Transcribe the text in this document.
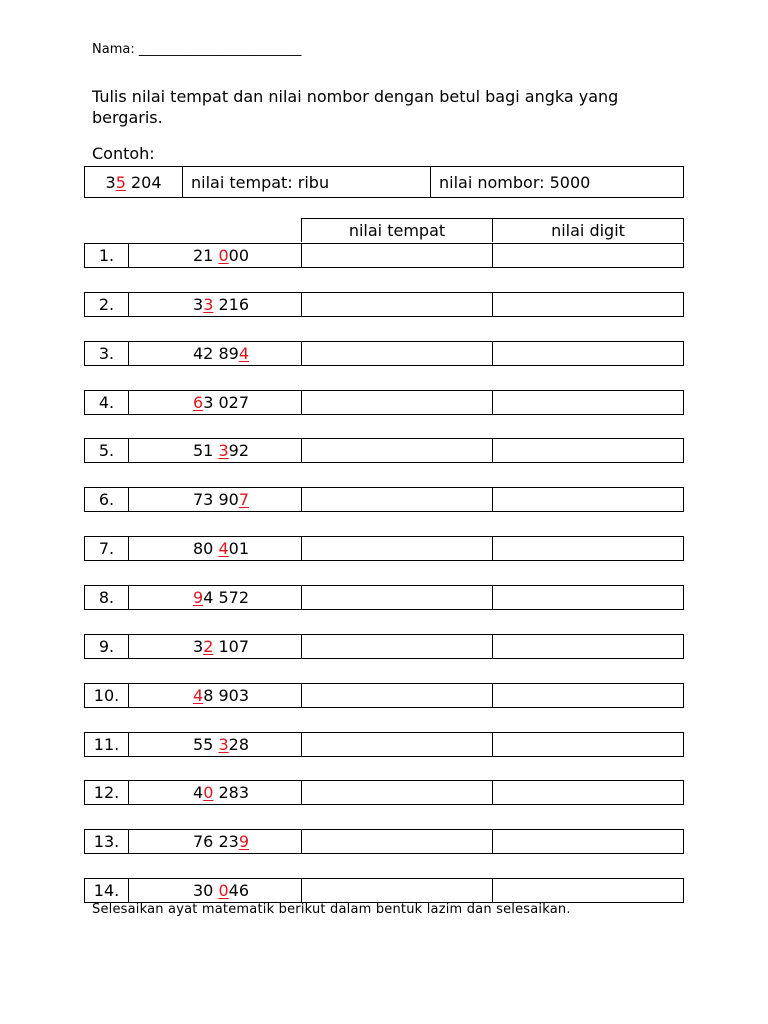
Nama: _________________________
Tulis nilai tempat dan nilai nombor dengan betul bagi angka yang bergaris.
Contoh:
3 5 204 nilai tempat: ribu	nilai nombor: 5000
nilai tempat	nilai digit
1.	21 000
2.	33 216
3.	42 894
4.	63 027
5.	51 392
6.	73 907
7.	80 401
8.	94 572
9.	32 107
10.	48 903
11.	55 328
12.	40 283
13.	76 239
14.	30 046
Selesaikan ayat matematik berikut dalam bentuk lazim dan selesaikan.
